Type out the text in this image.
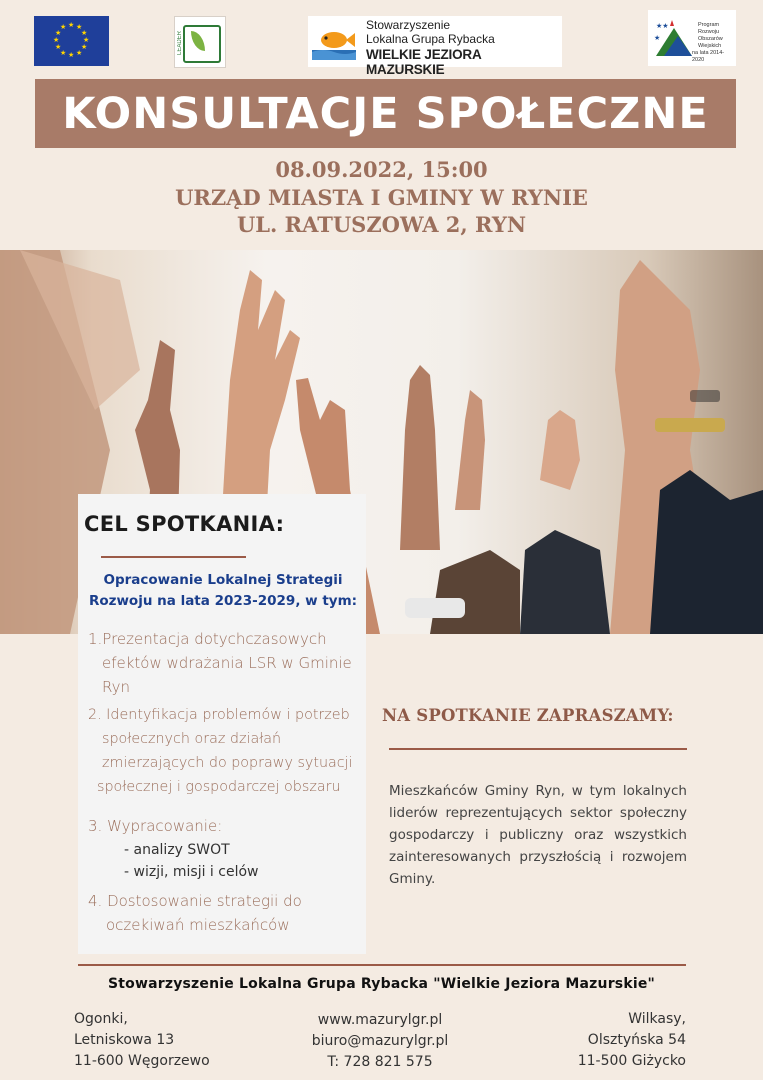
★ ★
★
★
★
★
★
★
★
★
★
★
LEADER
Stowarzyszenie
Lokalna Grupa Rybacka
WIELKIE JEZIORA MAZURSKIE
★★
★
Program
Rozwoju
Obszarów
Wiejskich
na lata 2014-2020
KONSULTACJE SPOŁECZNE
08.09.2022, 15:00
URZĄD MIASTA I GMINY W RYNIE
UL. RATUSZOWA 2, RYN
CEL SPOTKANIA:
Opracowanie Lokalnej Strategii
Rozwoju na lata 2023-2029, w tym:
1.Prezentacja dotychczasowych
efektów wdrażania LSR w Gminie
Ryn
2. Identyfikacja problemów i potrzeb
społecznych oraz działań
zmierzających do poprawy sytuacji
społecznej i gospodarczej obszaru
3. Wypracowanie:
- analizy SWOT
- wizji, misji i celów
4. Dostosowanie strategii do
oczekiwań mieszkańców
NA SPOTKANIE ZAPRASZAMY:
Mieszkańców Gminy Ryn, w tym lokalnych liderów reprezentujących sektor społeczny gospodarczy i publiczny oraz wszystkich zainteresowanych przyszłością i rozwojem Gminy.
Stowarzyszenie Lokalna Grupa Rybacka "Wielkie Jeziora Mazurskie"
Ogonki,
Letniskowa 13
11-600 Węgorzewo
www.mazurylgr.pl
biuro@mazurylgr.pl
T: 728 821 575
Wilkasy,
Olsztyńska 54
11-500 Giżycko
